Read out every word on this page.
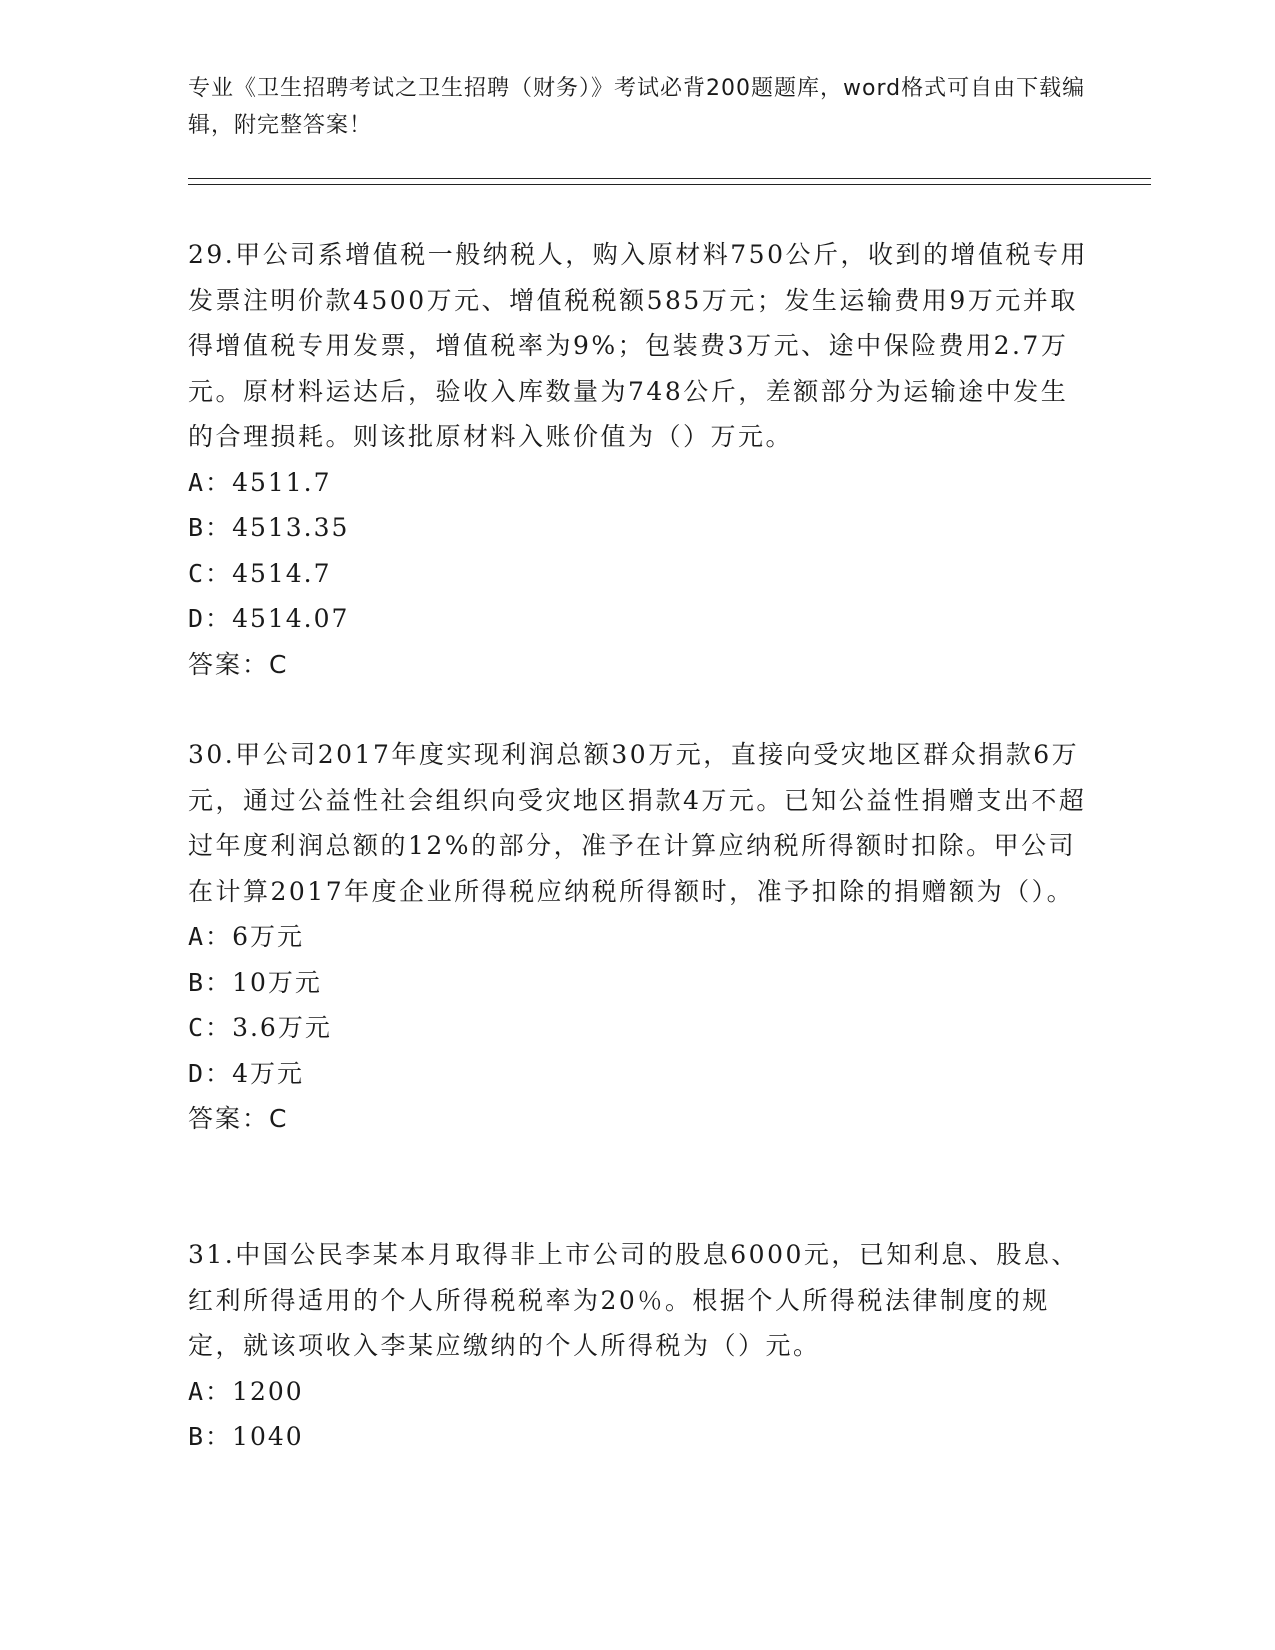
专业《卫生招聘考试之卫生招聘（财务）》考试必背200题题库，word格式可自由下载编辑，附完整答案！

29.甲公司系增值税一般纳税人，购入原材料750公斤，收到的增值税专用发票注明价款4500万元、增值税税额585万元；发生运输费用9万元并取得增值税专用发票，增值税率为9%；包装费3万元、途中保险费用2.7万元。原材料运达后，验收入库数量为748公斤，差额部分为运输途中发生的合理损耗。则该批原材料入账价值为（）万元。

A：4511.7

B：4513.35

C：4514.7

D：4514.07

答案：C

30.甲公司2017年度实现利润总额30万元，直接向受灾地区群众捐款6万元，通过公益性社会组织向受灾地区捐款4万元。已知公益性捐赠支出不超过年度利润总额的12%的部分，准予在计算应纳税所得额时扣除。甲公司在计算2017年度企业所得税应纳税所得额时，准予扣除的捐赠额为（）。

A：6万元

B：10万元

C：3.6万元

D：4万元

答案：C

31.中国公民李某本月取得非上市公司的股息6000元，已知利息、股息、红利所得适用的个人所得税税率为20％。根据个人所得税法律制度的规定，就该项收入李某应缴纳的个人所得税为（）元。

A：1200

B：1040
